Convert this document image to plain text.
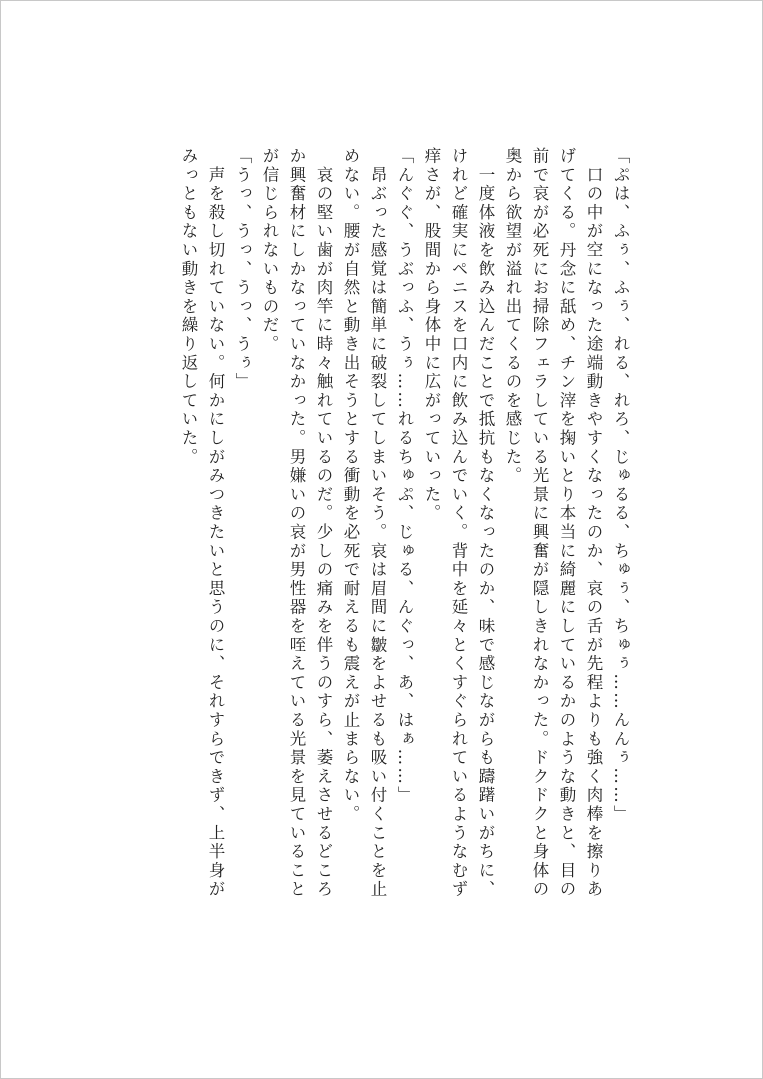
「ぷは、ふぅ、ふぅ、れる、れろ、じゅるる、ちゅぅ、ちゅぅ……んんぅ……」
　口の中が空になった途端動きやすくなったのか、哀の舌が先程よりも強く肉棒を擦りあ
げてくる。丹念に舐め、チン滓を掬いとり本当に綺麗にしているかのような動きと、目の
前で哀が必死にお掃除フェラしている光景に興奮が隠しきれなかった。ドクドクと身体の
奥から欲望が溢れ出てくるのを感じた。
　一度体液を飲み込んだことで抵抗もなくなったのか、味で感じながらも躊躇いがちに、
けれど確実にペニスを口内に飲み込んでいく。背中を延々とくすぐられているようなむず
痒さが、股間から身体中に広がっていった。
「んぐぐ、うぶっふ、うぅ……れるちゅぷ、じゅる、んぐっ、あ、はぁ……」
　昂ぶった感覚は簡単に破裂してしまいそう。哀は眉間に皺をよせるも吸い付くことを止
めない。腰が自然と動き出そうとする衝動を必死で耐えるも震えが止まらない。
　哀の堅い歯が肉竿に時々触れているのだ。少しの痛みを伴うのすら、萎えさせるどころ
か興奮材にしかなっていなかった。男嫌いの哀が男性器を咥えている光景を見ていること
が信じられないものだ。
「うっ、うっ、うっ、うぅ」
　声を殺し切れていない。何かにしがみつきたいと思うのに、それすらできず、上半身が
みっともない動きを繰り返していた。
